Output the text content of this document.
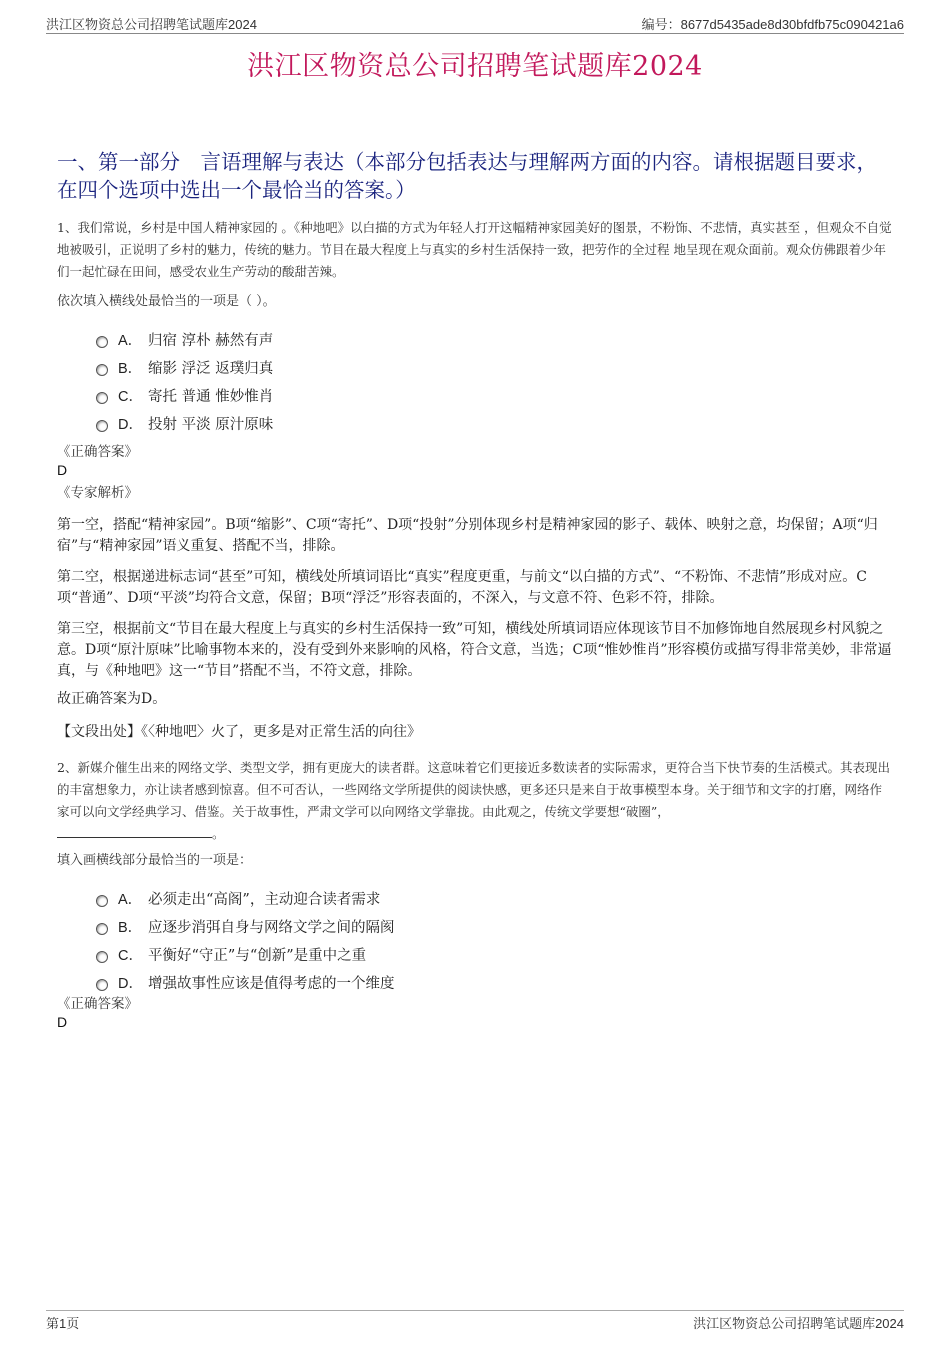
洪江区物资总公司招聘笔试题库2024	编号：8677d5435ade8d30bfdfb75c090421a6
洪江区物资总公司招聘笔试题库2024
一、第一部分　言语理解与表达（本部分包括表达与理解两方面的内容。请根据题目要求，在四个选项中选出一个最恰当的答案。）
1、我们常说，乡村是中国人精神家园的 。《种地吧》以白描的方式为年轻人打开这幅精神家园美好的图景，不粉饰、不悲情，真实甚至 ，但观众不自觉地被吸引，正说明了乡村的魅力，传统的魅力。节目在最大程度上与真实的乡村生活保持一致，把劳作的全过程 地呈现在观众面前。观众仿佛跟着少年们一起忙碌在田间，感受农业生产劳动的酸甜苦辣。
依次填入横线处最恰当的一项是（ ）。
A． 归宿 淳朴 赫然有声
B． 缩影 浮泛 返璞归真
C． 寄托 普通 惟妙惟肖
D． 投射 平淡 原汁原味
《正确答案》
D
《专家解析》
第一空，搭配“精神家园”。B项“缩影”、C项“寄托”、D项“投射”分别体现乡村是精神家园的影子、载体、映射之意，均保留；A项“归宿”与“精神家园”语义重复、搭配不当，排除。
第二空，根据递进标志词“甚至”可知，横线处所填词语比“真实”程度更重，与前文“以白描的方式”、“不粉饰、不悲情”形成对应。C项“普通”、D项“平淡”均符合文意，保留；B项“浮泛”形容表面的，不深入，与文意不符、色彩不符，排除。
第三空，根据前文“节目在最大程度上与真实的乡村生活保持一致”可知，横线处所填词语应体现该节目不加修饰地自然展现乡村风貌之意。D项“原汁原味”比喻事物本来的，没有受到外来影响的风格，符合文意，当选；C项“惟妙惟肖”形容模仿或描写得非常美妙，非常逼真，与《种地吧》这一“节目”搭配不当，不符文意，排除。
故正确答案为D。
【文段出处】《〈种地吧〉火了，更多是对正常生活的向往》
2、新媒介催生出来的网络文学、类型文学，拥有更庞大的读者群。这意味着它们更接近多数读者的实际需求，更符合当下快节奏的生活模式。其表现出的丰富想象力，亦让读者感到惊喜。但不可否认，一些网络文学所提供的阅读快感，更多还只是来自于故事模型本身。关于细节和文字的打磨，网络作家可以向文学经典学习、借鉴。关于故事性，严肃文学可以向网络文学靠拢。由此观之，传统文学要想“破圈”，
。
填入画横线部分最恰当的一项是：
A． 必须走出“高阁”，主动迎合读者需求
B． 应逐步消弭自身与网络文学之间的隔阂
C． 平衡好“守正”与“创新”是重中之重
D． 增强故事性应该是值得考虑的一个维度
《正确答案》
D
第1页	洪江区物资总公司招聘笔试题库2024
